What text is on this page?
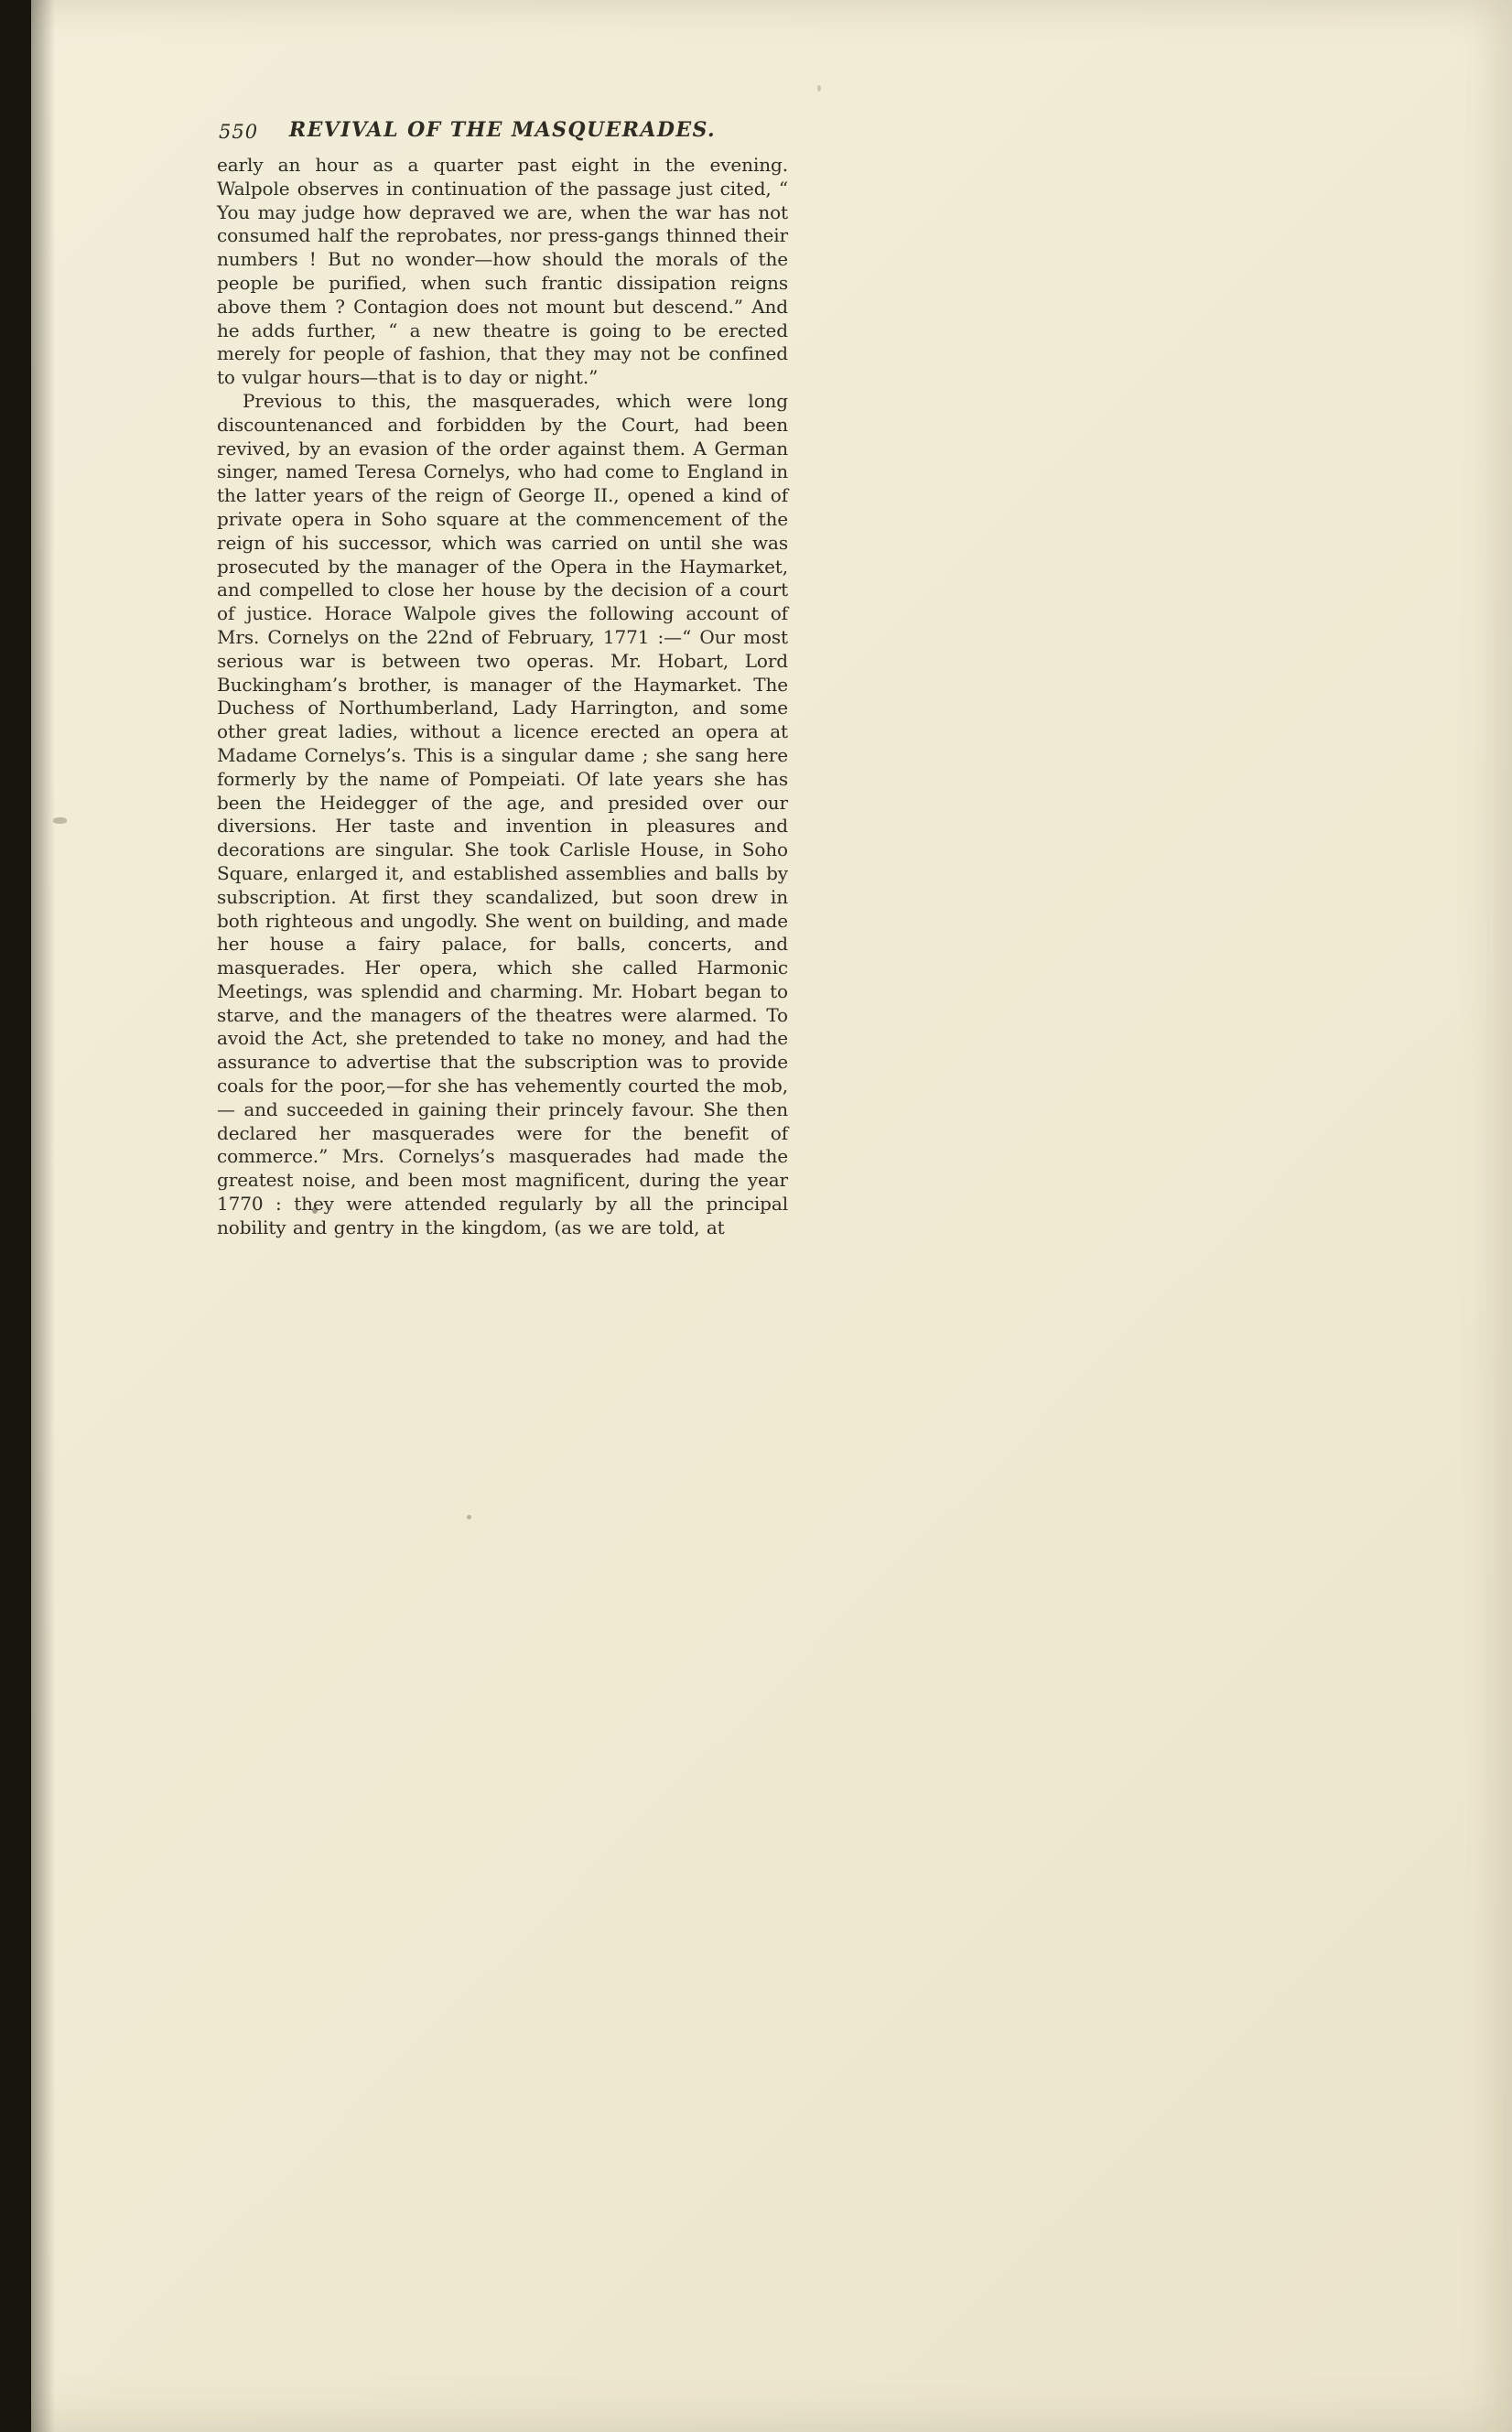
550 REVIVAL OF THE MASQUERADES.

early an hour as a quarter past eight in the evening. Walpole observes in continuation of the passage just cited, “ You may judge how depraved we are, when the war has not consumed half the reprobates, nor press-gangs thinned their numbers ! But no wonder—how should the morals of the people be purified, when such frantic dissipation reigns above them ? Contagion does not mount but descend.” And he adds further, “ a new theatre is going to be erected merely for people of fashion, that they may not be confined to vulgar hours—that is to day or night.”

Previous to this, the masquerades, which were long discountenanced and forbidden by the Court, had been revived, by an evasion of the order against them. A German singer, named Teresa Cornelys, who had come to England in the latter years of the reign of George II., opened a kind of private opera in Soho square at the commencement of the reign of his successor, which was carried on until she was prosecuted by the manager of the Opera in the Haymarket, and compelled to close her house by the decision of a court of justice. Horace Walpole gives the following account of Mrs. Cornelys on the 22nd of February, 1771 :—“ Our most serious war is between two operas. Mr. Hobart, Lord Buckingham’s brother, is manager of the Haymarket. The Duchess of Northumberland, Lady Harrington, and some other great ladies, without a licence erected an opera at Madame Cornelys’s. This is a singular dame ; she sang here formerly by the name of Pompeiati. Of late years she has been the Heidegger of the age, and presided over our diversions. Her taste and invention in pleasures and decorations are singular. She took Carlisle House, in Soho Square, enlarged it, and established assemblies and balls by subscription. At first they scandalized, but soon drew in both righteous and ungodly. She went on building, and made her house a fairy palace, for balls, concerts, and masquerades. Her opera, which she called Harmonic Meetings, was splendid and charming. Mr. Hobart began to starve, and the managers of the theatres were alarmed. To avoid the Act, she pretended to take no money, and had the assurance to advertise that the subscription was to provide coals for the poor,—for she has vehemently courted the mob,— and succeeded in gaining their princely favour. She then declared her masquerades were for the benefit of commerce.” Mrs. Cornelys’s masquerades had made the greatest noise, and been most magnificent, during the year 1770 : they were attended regularly by all the principal nobility and gentry in the kingdom, (as we are told, at
